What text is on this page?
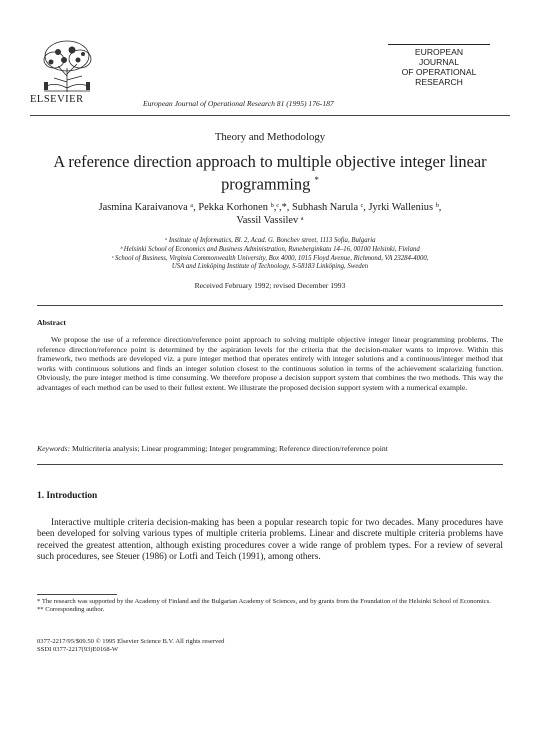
ELSEVIER	European Journal of Operational Research 81 (1995) 176-187
EUROPEAN
JOURNAL
OF OPERATIONAL
RESEARCH
Theory and Methodology
A reference direction approach to multiple objective integer linear programming *
Jasmina Karaivanova ᵃ, Pekka Korhonen ᵇ,ᶜ,*, Subhash Narula ᶜ, Jyrki Wallenius ᵇ,
Vassil Vassilev ᵃ
ᵃ Institute of Informatics, Bl. 2, Acad. G. Bonchev street, 1113 Sofia, Bulgaria
ᵇ Helsinki School of Economics and Business Administration, Runeberginkatu 14–16, 00100 Helsinki, Finland
ᶜ School of Business, Virginia Commonwealth University, Box 4000, 1015 Floyd Avenue, Richmond, VA 23284-4000,
USA and Linköping Institute of Technology, S-58183 Linköping, Sweden
Received February 1992; revised December 1993
Abstract
We propose the use of a reference direction/reference point approach to solving multiple objective integer linear programming problems. The reference direction/reference point is determined by the aspiration levels for the criteria that the decision-maker wants to improve. Within this framework, two methods are developed viz. a pure integer method that operates entirely with integer solutions and a continuous/integer method that works with continuous solutions and finds an integer solution closest to the continuous solution in terms of the achievement scalarizing function. Obviously, the pure integer method is time consuming. We therefore propose a decision support system that combines the two methods. This way the advantages of each method can be used to their fullest extent. We illustrate the proposed decision support system with a numerical example.
Keywords: Multicriteria analysis; Linear programming; Integer programming; Reference direction/reference point
1. Introduction
Interactive multiple criteria decision-making has been a popular research topic for two decades. Many procedures have been developed for solving various types of multiple criteria problems. Linear and discrete multiple criteria problems have received the greatest attention, although existing procedures cover a wide range of problem types. For a review of several such procedures, see Steuer (1986) or Lotfi and Teich (1991), among others.
* The research was supported by the Academy of Finland and the Bulgarian Academy of Sciences, and by grants from the Foundation of the Helsinki School of Economics.
** Corresponding author.
0377-2217/95/$09.50 © 1995 Elsevier Science B.V. All rights reserved
SSDI 0377-2217(93)E0168-W
